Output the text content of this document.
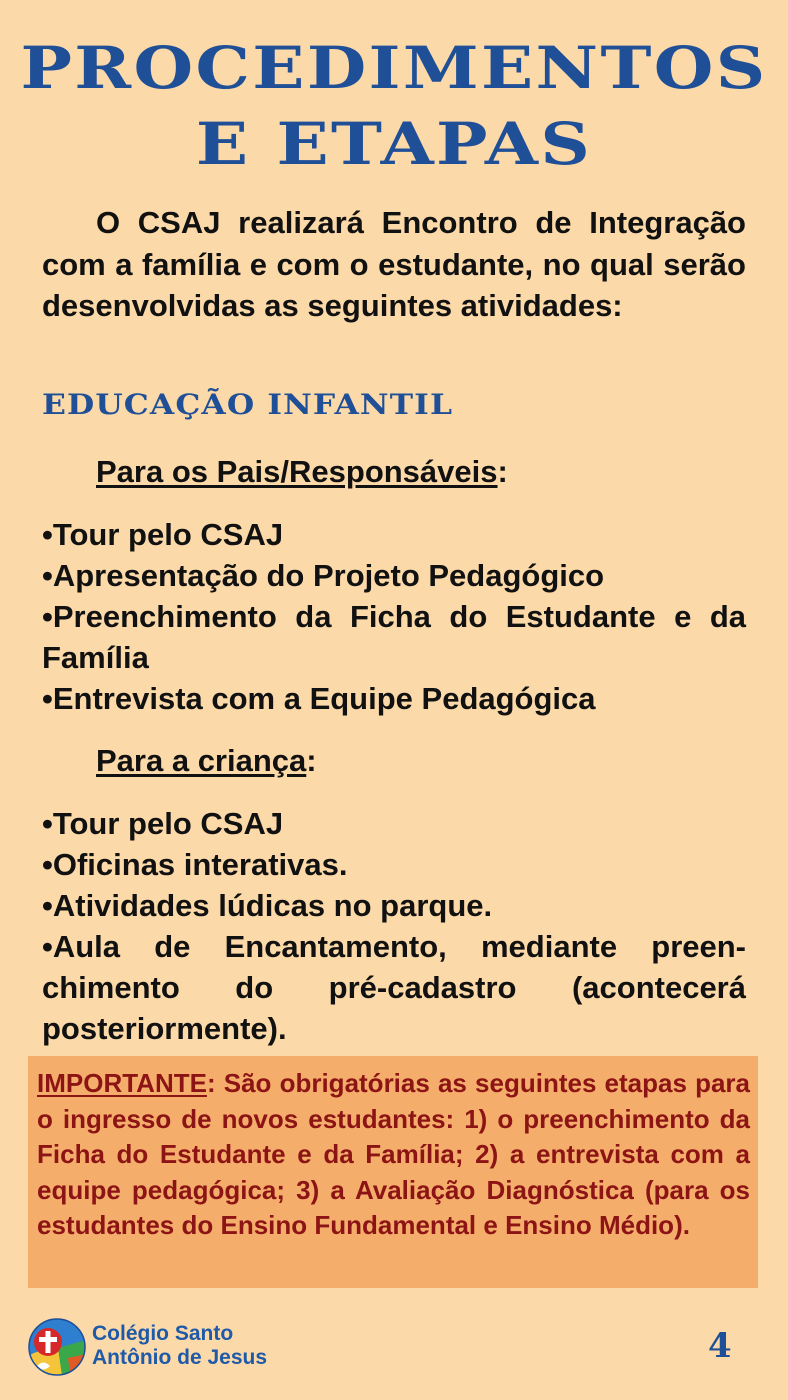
PROCEDIMENTOS
E ETAPAS

O CSAJ realizará Encontro de Integração com a família e com o estudante, no qual serão desenvolvidas as seguintes atividades:

EDUCAÇÃO INFANTIL
Para os Pais/Responsáveis:
•Tour pelo CSAJ
•Apresentação do Projeto Pedagógico
•Preenchimento da Ficha do Estudante e da Família
•Entrevista com a Equipe Pedagógica
Para a criança:
•Tour pelo CSAJ
•Oficinas interativas.
•Atividades lúdicas no parque.
•Aula de Encantamento, mediante preen-chimento do pré-cadastro (acontecerá posteriormente).
IMPORTANTE: São obrigatórias as seguintes etapas para o ingresso de novos estudantes: 1) o preenchimento da Ficha do Estudante e da Família; 2) a entrevista com a equipe pedagógica; 3) a Avaliação Diagnóstica (para os estudantes do Ensino Fundamental e Ensino Médio).
Colégio Santo
Antônio de Jesus	4
